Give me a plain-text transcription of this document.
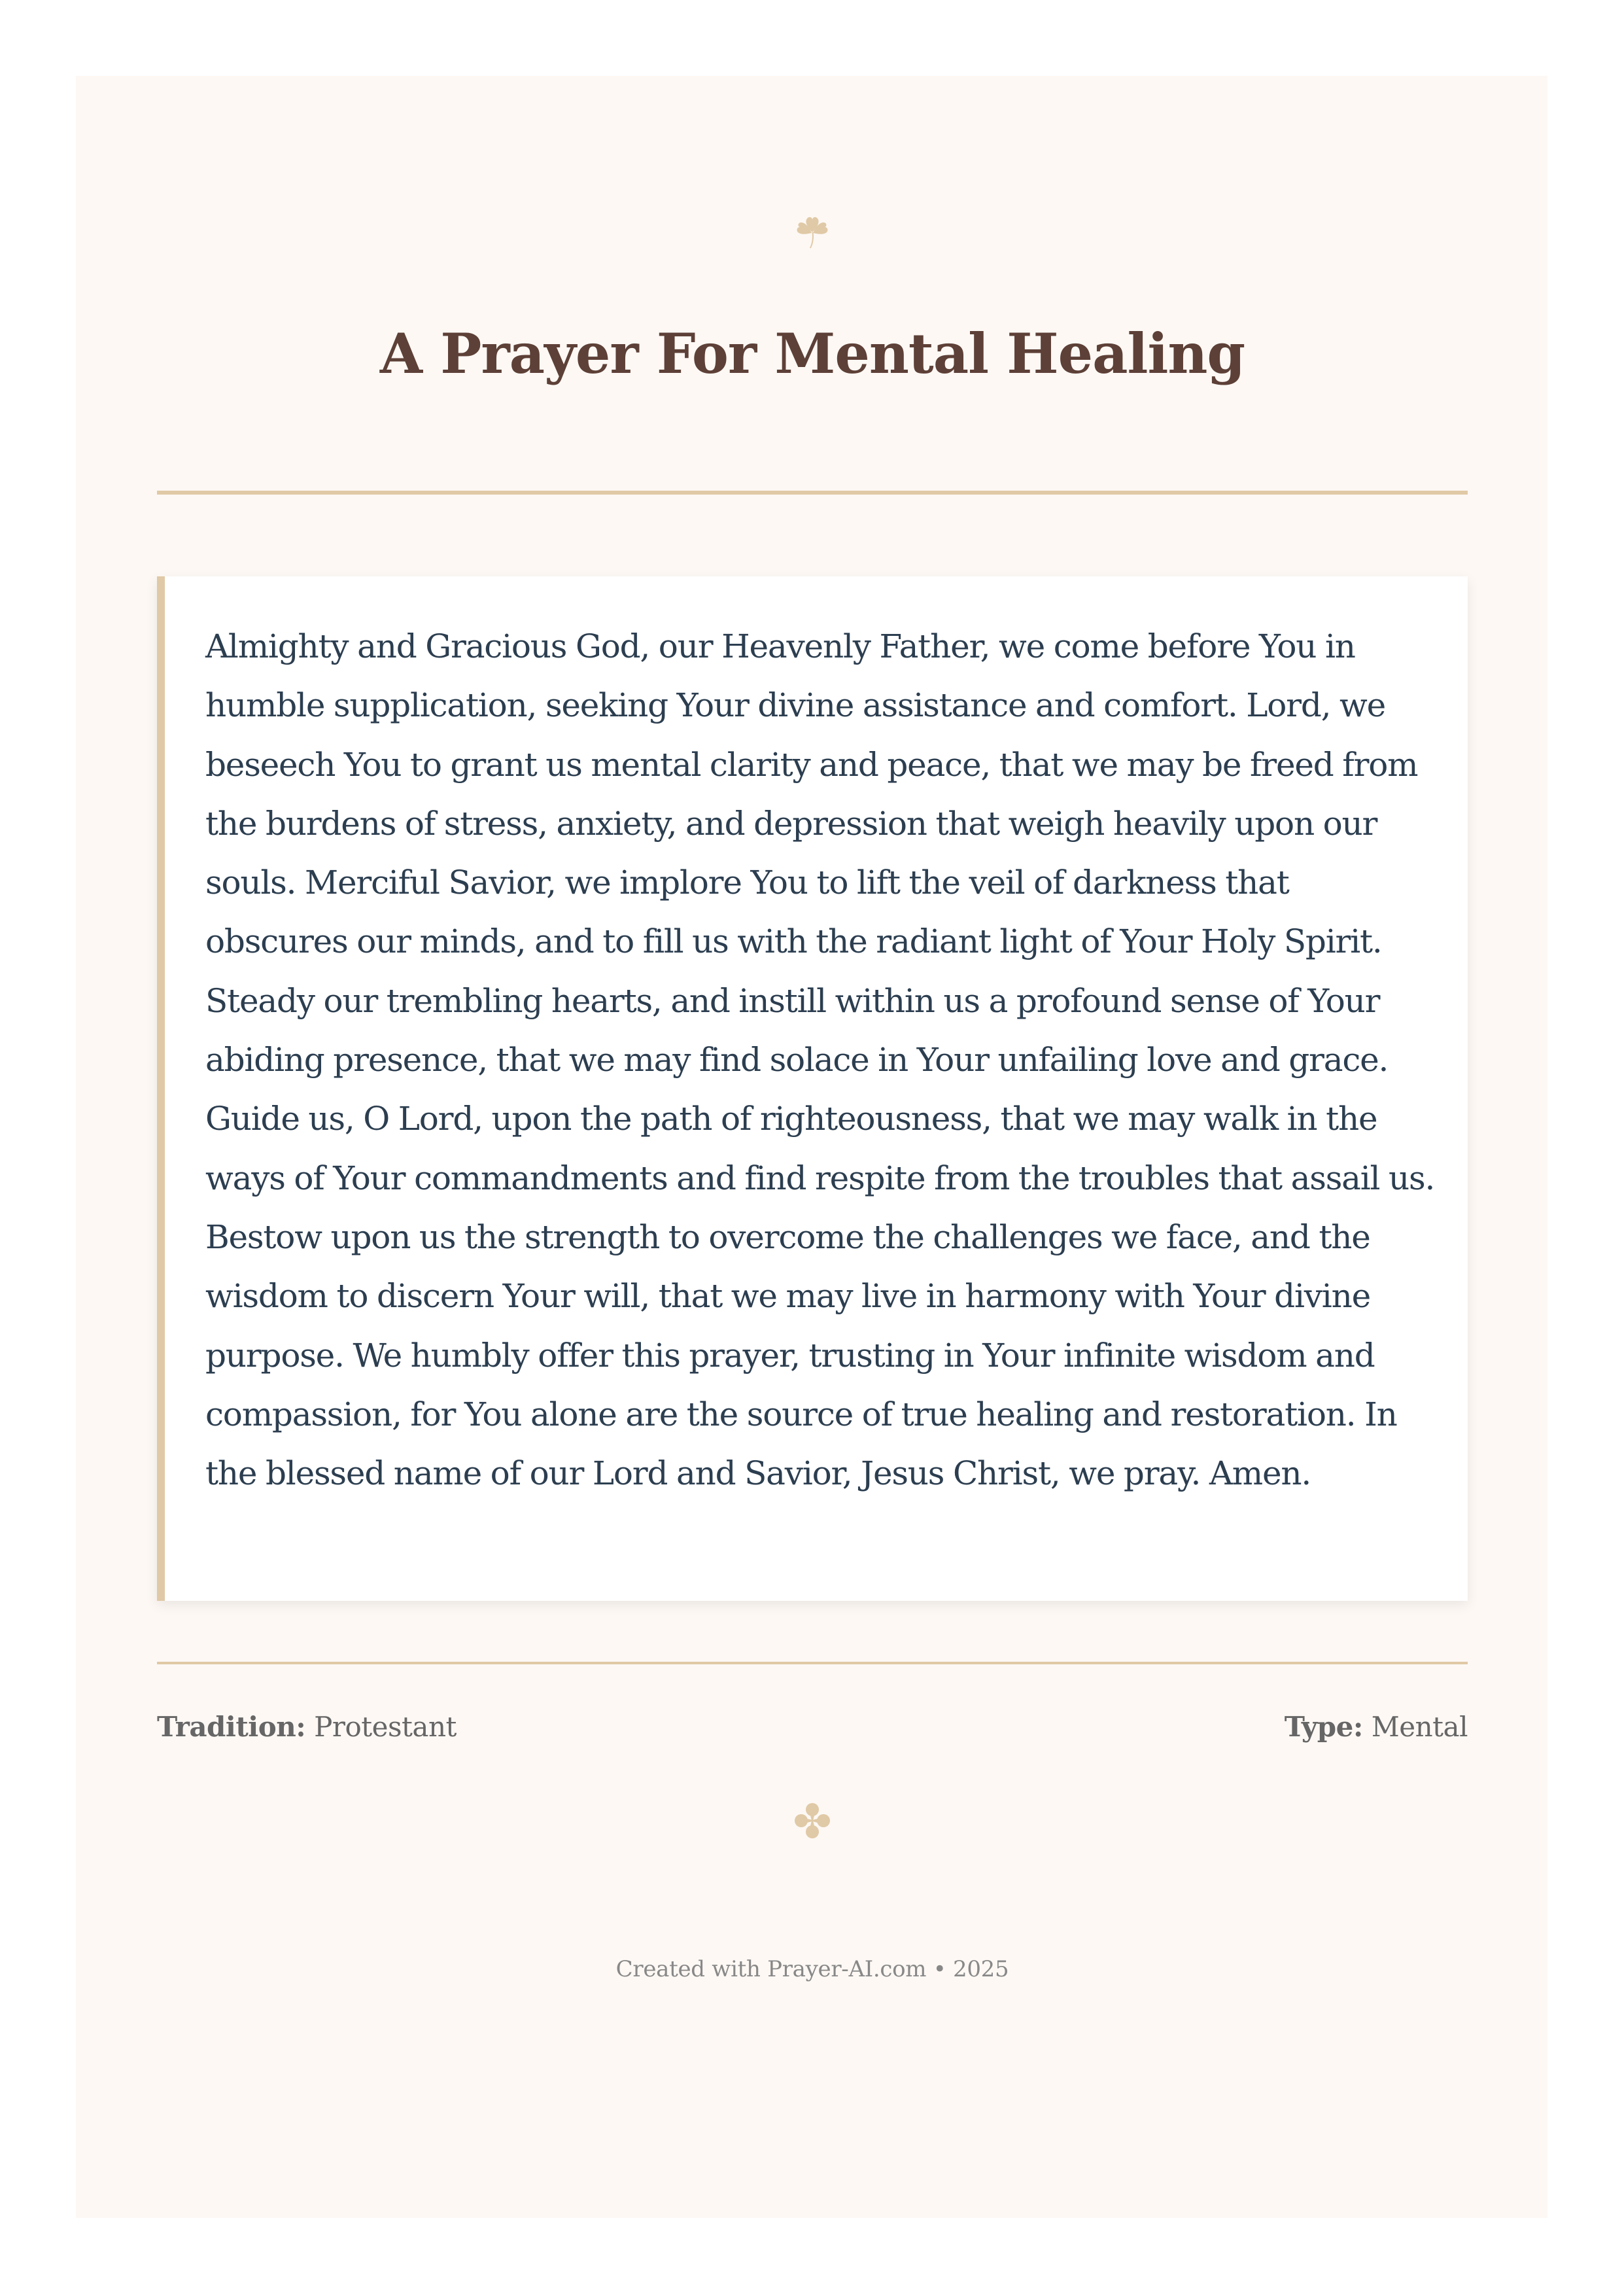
A Prayer For Mental Healing

Almighty and Gracious God, our Heavenly Father, we come before You in humble supplication, seeking Your divine assistance and comfort. Lord, we beseech You to grant us mental clarity and peace, that we may be freed from the burdens of stress, anxiety, and depression that weigh heavily upon our souls. Merciful Savior, we implore You to lift the veil of darkness that obscures our minds, and to fill us with the radiant light of Your Holy Spirit. Steady our trembling hearts, and instill within us a profound sense of Your abiding presence, that we may find solace in Your unfailing love and grace. Guide us, O Lord, upon the path of righteousness, that we may walk in the ways of Your commandments and find respite from the troubles that assail us. Bestow upon us the strength to overcome the challenges we face, and the wisdom to discern Your will, that we may live in harmony with Your divine purpose. We humbly offer this prayer, trusting in Your infinite wisdom and compassion, for You alone are the source of true healing and restoration. In the blessed name of our Lord and Savior, Jesus Christ, we pray. Amen.

Tradition: Protestant	Type: Mental
Created with Prayer-AI.com • 2025
